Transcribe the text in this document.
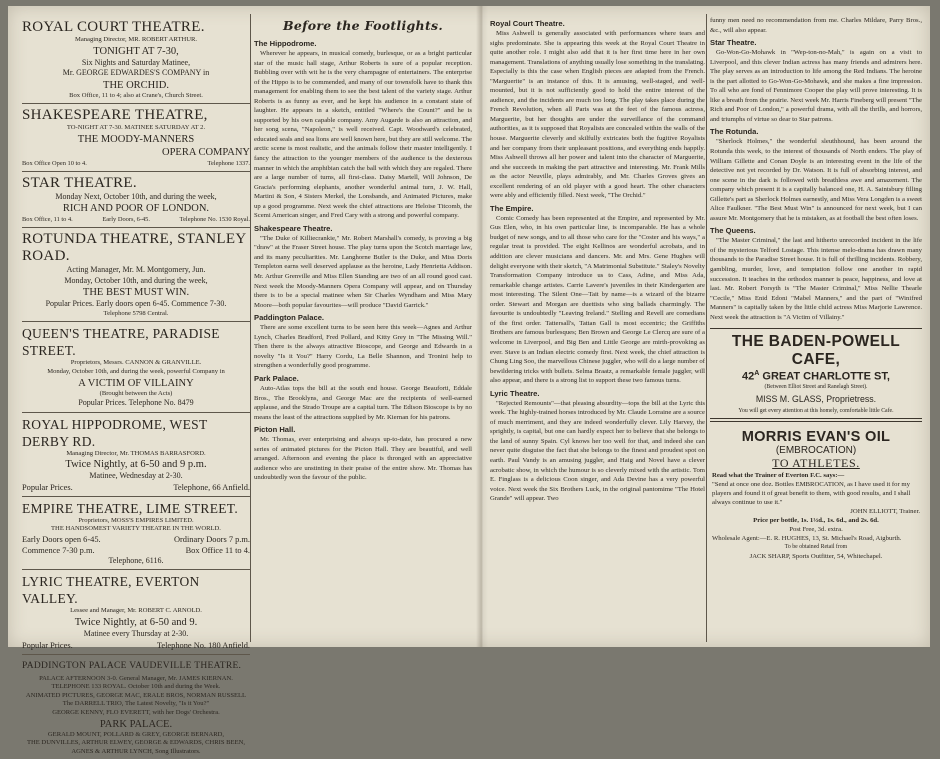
ROYAL COURT THEATRE.
Managing Director, MR. ROBERT ARTHUR.
TONIGHT AT 7-30,
Six Nights and Saturday Matinee,
Mr. GEORGE EDWARDES'S COMPANY in
THE ORCHID.
Box Office, 11 to 4; also at Crane's, Church Street.
SHAKESPEARE THEATRE,
TO-NIGHT AT 7-30. MATINEE SATURDAY AT 2.
THE MOODY-MANNERS
OPERA COMPANY
Box Office Open 10 to 4.	Telephone 1337.
STAR THEATRE.
Monday Next, October 10th, and during the week,
RICH AND POOR OF LONDON.
Box Office, 11 to 4.	Early Doors, 6-45.	Telephone No. 1530 Royal.
ROTUNDA THEATRE, STANLEY ROAD.
Acting Manager, Mr. M. Montgomery, Jun.
Monday, October 10th, and during the week,
THE BEST MUST WIN.
Popular Prices. Early doors open 6-45. Commence 7-30.
Telephone 5798 Central.
QUEEN'S THEATRE, PARADISE STREET.
Proprietors, Messrs. CANNON & GRANVILLE.
Monday, October 10th, and during the week, powerful Company in
A VICTIM OF VILLAINY
(Brought between the Acts)
Popular Prices. Telephone No. 8479
ROYAL HIPPODROME, WEST DERBY RD.
Managing Director, Mr. THOMAS BARRASFORD.
Twice Nightly, at 6-50 and 9 p.m.
Matinee, Wednesday at 2-30.
Popular Prices.	Telephone, 66 Anfield.
EMPIRE THEATRE, LIME STREET.
Proprietors, MOSS'S EMPIRES LIMITED.
THE HANDSOMEST VARIETY THEATRE IN THE WORLD.
Early Doors open 6-45.	Ordinary Doors 7 p.m.
Commence 7-30 p.m.	Box Office 11 to 4.
Telephone, 6116.
LYRIC THEATRE, EVERTON VALLEY.
Lessee and Manager, Mr. ROBERT C. ARNOLD.
Twice Nightly, at 6-50 and 9.
Matinee every Thursday at 2-30.
Popular Prices.	Telephone No. 180 Anfield.
PADDINGTON PALACE VAUDEVILLE THEATRE.
PALACE AFTERNOON 3-0. General Manager, Mr. JAMES KIERNAN.
TELEPHONE 133 ROYAL. October 10th and during the Week.
ANIMATED PICTURES, GEORGE MAC, ERALE BROS, NORMAN RUSSELL
The DARRELL TRIO, The Latest Novelty, "Is it You?"
GEORGE KENNY, FLO EVERETT, with her Dogs' Orchestra.
PARK PALACE.
GERALD MOUNT, POLLARD & GREY, GEORGE BERNARD,
THE DUNVILLES, ARTHUR ELWEY, GEORGE & EDWARDS, CHRIS BEEN,
AGNES & ARTHUR LYNCH, Song Illustrators.
Before the Footlights.
The Hippodrome.

Wherever he appears, in musical comedy, burlesque, or as a bright particular star of the music hall stage, Arthur Roberts is sure of a popular reception. Bubbling over with wit he is the very champagne of entertainers. The enterprise of the Hippo is to be commended, and many of our townsfolk have to thank this management for enabling them to see the best talent of the variety stage. Arthur Roberts is as funny as ever, and he kept his audience in a constant state of laughter. He appears in a sketch, entitled "Where's the Count?" and he is supported by his own capable company. Amy Augarde is also an attraction, and her song scena, "Napoleon," is well received. Capt. Woodward's celebrated, educated seals and sea lions are well known here, but they are still welcome. The arctic scene is most realistic, and the animals follow their master intelligently. I fancy the attraction to the younger members of the audience is the dexterous manner in which the amphibian catch the ball with which they are regaled. There are a large number of turns, all first-class. Daisy Martell, Will Johnson, De Gracia's performing elephants, another wonderful animal turn, J. W. Hall, Martini & Son, 4 Sisters Merkel, the Lonsbands, and Animated Pictures, make up a good programme. Next week the chief attractions are Heloise Titcomb, the Scemi American singer, and Fred Cary with a strong and powerful company.

Shakespeare Theatre.

"The Duke of Killiecrankie," Mr. Robert Marshall's comedy, is proving a big "draw" at the Fraser Street house. The play turns upon the Scotch marriage law, and its many peculiarities. Mr. Langhorne Butler is the Duke, and Miss Doris Templeton earns well deserved applause as the heroine, Lady Henrietta Addison. Mr. Arthur Grenville and Miss Ellen Standing are two of an all round good cast. Next week the Moody-Manners Opera Company will appear, and on Thursday there is to be a special matinee when Sir Charles Wyndham and Miss Mary Moore—both popular favourites—will produce "David Garrick."

Paddington Palace.

There are some excellent turns to be seen here this week—Agnes and Arthur Lynch, Charles Bradford, Fred Pollard, and Kitty Grey in "The Missing Will." Then there is the always attractive Bioscope, and George and Edwards in a novelty "Is it You?" Harry Cordu, La Belle Shannon, and Tronini help to strengthen a wonderfully good programme.

Park Palace.

Auto-Atlas tops the bill at the south end house. George Beauforti, Eddale Bros., The Brooklyns, and George Mac are the recipients of well-earned applause, and the Strado Troupe are a capital turn. The Edison Bioscope is by no means the least of the attractions supplied by Mr. Kiernan for his patrons.

Picton Hall.

Mr. Thomas, ever enterprising and always up-to-date, has procured a new series of animated pictures for the Picton Hall. They are beautiful, and well arranged. Afternoon and evening the place is thronged with an appreciative audience who are unstinting in their praise of the entire show. Mr. Thomas has undoubtedly won the favour of the public.

Royal Court Theatre.

Miss Ashwell is generally associated with performances where tears and sighs predominate. She is appearing this week at the Royal Court Theatre in quite another role. I might also add that it is her first time here in her own management. Translations of anything usually lose something in the translating. Especially is this the case when English pieces are adapted from the French. "Marguerite" is an instance of this. It is amusing, well-staged, and well-mounted, but it is not sufficiently good to hold the entire interest of the audience, and the incidents are much too long. The play takes place during the French Revolution, when all Paris was at the feet of the famous actress, Marguerite, but her thoughts are under the surveillance of the command authorities, as it is supposed that Royalists are concealed within the walls of the house. Marguerite cleverly and skilfully extricates both the fugitive Royalists and her company from their unpleasant positions, and everything ends happily. Miss Ashwell throws all her power and talent into the character of Marguerite, and she succeeds in making the part attractive and interesting. Mr. Frank Mills as the actor Neuville, plays admirably, and Mr. Charles Groves gives an excellent rendering of an old player with a good heart. The other characters were ably and efficiently filled. Next week, "The Orchid."

The Empire.

Comic Comedy has been represented at the Empire, and represented by Mr. Gus Elen, who, in his own particular line, is incomparable. He has a whole budget of new songs, and to all those who care for the "Coster and his ways," a regular treat is provided. The eight Kellinos are wonderful acrobats, and in addition are clever musicians and dancers. Mr. and Mrs. Gene Hughes will delight everyone with their sketch, "A Matrimonial Substitute." Staley's Novelty Transformation Company introduce us to Cass, Adine, and Miss Ada, remarkable change artistes. Carrie Lavere's juveniles in their Kindergarten are most interesting. The Silent One—Tait by name—is a wizard of the bizarre order. Stewart and Morgan are duettists who sing ballads charmingly. The favourite is undoubtedly "Leaving Ireland." Stelling and Revell are comedians of the first order. Tattersall's, Tattan Gall is most eccentric; the Griffiths Brothers are famous burlesques; Ben Brown and George Le Clercq are sure of a welcome in Liverpool, and Big Ben and Little George are mirth-provoking as ever. Stave is an Indian electric comedy first. Next week, the chief attraction is Chung Ling Soo, the marvellous Chinese juggler, who will do a large number of bewildering tricks with bullets. Selma Braatz, a remarkable female juggler, will also appear, and there is a strong list to support these two famous turns.

Lyric Theatre.

"Rejected Remounts"—that pleasing absurdity—tops the bill at the Lyric this week. The highly-trained horses introduced by Mr. Claude Lorraine are a source of much merriment, and they are indeed wonderfully clever. Lily Harvey, the sprightly, is capital, but one can hardly expect her to believe that she belongs to the land of sunny Spain. Cyl knows her too well for that, and indeed she can never quite disguise the fact that she belongs to the finest and proudest spot on earth. Paul Vandy is an amusing juggler, and Haig and Novel have a clever acrobatic show, in which the humour is so cleverly mixed with the artistic. Tom E. Finglass is a delicious Coon singer, and Ada Devine has a very powerful voice. Next week the Six Brothers Luck, in the original pantomime "The Hotel Grande" will appear. Two

funny men need no recommendation from me. Charles Mildare, Parry Bros., &c., will also appear.

Star Theatre.

Go-Won-Go-Mohawk in "Wep-ton-no-Mah," is again on a visit to Liverpool, and this clever Indian actress has many friends and admirers here. The play serves as an introduction to life among the Red Indians. The heroine is the part allotted to Go-Won-Go-Mohawk, and she makes a fine impression. To all who are fond of Fennimore Cooper the play will prove interesting. It is like a breath from the prairie. Next week Mr. Harris Fineberg will present "The Rich and Poor of London," a powerful drama, with all the thrills, and horrors, and triumphs of virtue so dear to Star patrons.

The Rotunda.

"Sherlock Holmes," the wonderful sleuthhound, has been around the Rotunda this week, to the interest of thousands of North enders. The play of William Gillette and Conan Doyle is an interesting event in the life of the detective not yet recorded by Dr. Watson. It is full of absorbing interest, and one scene in the dark is followed with breathless awe and amazement. The company which present it is a capitally balanced one, H. A. Saintsbury filling Gillette's part as Sherlock Holmes earnestly, and Miss Vera Longden is a sweet Alice Faulkner. "The Best Must Win" is announced for next week, but I can assure Mr. Montgomery that he is mistaken, as at football the best often loses.

The Queens.

"The Master Criminal," the last and hitherto unrecorded incident in the life of the mysterious Telford Lostage. This intense melo-drama has drawn many thousands to the Paradise Street house. It is full of thrilling incidents. Robbery, gambling, murder, love, and temptation follow one another in rapid succession. It teaches in the orthodox manner is peace, happiness, and love at last. Mr. Robert Forsyth is "The Master Criminal," Miss Nellie Thearle "Cecile," Miss Enid Edoni "Mabel Manners," and the part of "Winifred Manners" is capitally taken by the little child actress Miss Marjorie Lawrence. Next week the attraction is "A Victim of Villainy."

THE BADEN-POWELL CAFE,
$42^A$ GREAT CHARLOTTE ST,
(Between Elliot Street and Ranelagh Street).
MISS M. GLASS, Proprietress.
You will get every attention at this homely, comfortable little Cafe.
MORRIS EVAN'S OIL
(EMBROCATION)
TO ATHLETES.
Read what the Trainer of Everton F.C. says:—
"Send at once one doz. Bottles EMBROCATION, as I have used it for my players and found it of great benefit to them, with good results, and I shall always continue to use it."
JOHN ELLIOTT, Trainer.
Price per bottle, 1s. 1½d., 1s. 6d., and 2s. 6d.
Post Free, 3d. extra.
Wholesale Agent:—E. R. HUGHES, 13, St. Michael's Road, Aigburth.
To be obtained Retail from
JACK SHARP, Sports Outfitter, 54, Whitechapel.
